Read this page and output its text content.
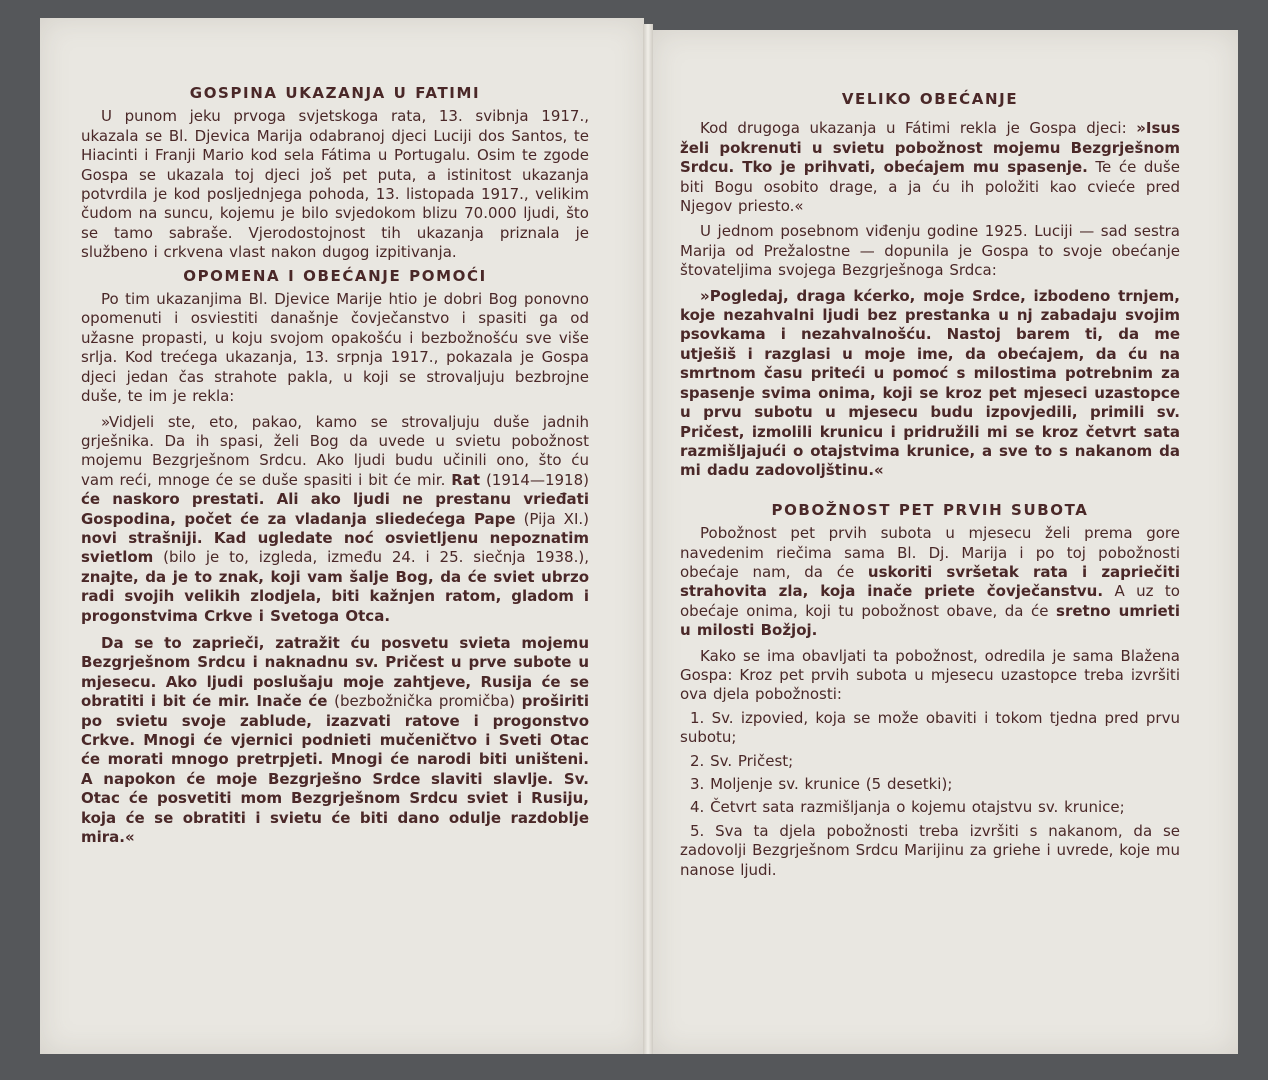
GOSPINA UKAZANJA U FATIMI

U punom jeku prvoga svjetskoga rata, 13. svibnja 1917., ukazala se Bl. Djevica Marija odabranoj djeci Luciji dos Santos, te Hiacinti i Franji Mario kod sela Fátima u Portugalu. Osim te zgode Gospa se ukazala toj djeci još pet puta, a istinitost ukazanja potvrdila je kod posljednjega pohoda, 13. listopada 1917., velikim čudom na suncu, kojemu je bilo svjedokom blizu 70.000 ljudi, što se tamo sabraše. Vjerodostojnost tih ukazanja priznala je službeno i crkvena vlast nakon dugog izpitivanja.

OPOMENA I OBEĆANJE POMOĆI

Po tim ukazanjima Bl. Djevice Marije htio je dobri Bog ponovno opomenuti i osviestiti današnje čovječanstvo i spasiti ga od užasne propasti, u koju svojom opakošću i bezbožnošću sve više srlja. Kod trećega ukazanja, 13. srpnja 1917., pokazala je Gospa djeci jedan čas strahote pakla, u koji se strovaljuju bezbrojne duše, te im je rekla:

»Vidjeli ste, eto, pakao, kamo se strovaljuju duše jadnih grješnika. Da ih spasi, želi Bog da uvede u svietu pobožnost mojemu Bezgrješnom Srdcu. Ako ljudi budu učinili ono, što ću vam reći, mnoge će se duše spasiti i bit će mir. Rat (1914—1918) će naskoro prestati. Ali ako ljudi ne prestanu vrieđati Gospodina, počet će za vladanja sliedećega Pape (Pija XI.) novi strašniji. Kad ugledate noć osvietljenu nepoznatim svietlom (bilo je to, izgleda, između 24. i 25. siečnja 1938.), znajte, da je to znak, koji vam šalje Bog, da će sviet ubrzo radi svojih velikih zlodjela, biti kažnjen ratom, gladom i progonstvima Crkve i Svetoga Otca.

Da se to zaprieči, zatražit ću posvetu svieta mojemu Bezgrješnom Srdcu i naknadnu sv. Pričest u prve subote u mjesecu. Ako ljudi poslušaju moje zahtjeve, Rusija će se obratiti i bit će mir. Inače će (bezbožnička promičba) proširiti po svietu svoje zablude, izazvati ratove i progonstvo Crkve. Mnogi će vjernici podnieti mučeničtvo i Sveti Otac će morati mnogo pretrpjeti. Mnogi će narodi biti uništeni. A napokon će moje Bezgrješno Srdce slaviti slavlje. Sv. Otac će posvetiti mom Bezgrješnom Srdcu sviet i Rusiju, koja će se obratiti i svietu će biti dano odulje razdoblje mira.«

VELIKO OBEĆANJE

Kod drugoga ukazanja u Fátimi rekla je Gospa djeci: »Isus želi pokrenuti u svietu pobožnost mojemu Bezgrješnom Srdcu. Tko je prihvati, obećajem mu spasenje. Te će duše biti Bogu osobito drage, a ja ću ih položiti kao cvieće pred Njegov priesto.«

U jednom posebnom viđenju godine 1925. Luciji — sad sestra Marija od Prežalostne — dopunila je Gospa to svoje obećanje štovateljima svojega Bezgrješnoga Srdca:

»Pogledaj, draga kćerko, moje Srdce, izbodeno trnjem, koje nezahvalni ljudi bez prestanka u nj zabadaju svojim psovkama i nezahvalnošću. Nastoj barem ti, da me utješiš i razglasi u moje ime, da obećajem, da ću na smrtnom času priteći u pomoć s milostima potrebnim za spasenje svima onima, koji se kroz pet mjeseci uzastopce u prvu subotu u mjesecu budu izpovjedili, primili sv. Pričest, izmolili krunicu i pridružili mi se kroz četvrt sata razmišljajući o otajstvima krunice, a sve to s nakanom da mi dadu zadovoljštinu.«

POBOŽNOST PET PRVIH SUBOTA

Pobožnost pet prvih subota u mjesecu želi prema gore navedenim riečima sama Bl. Dj. Marija i po toj pobožnosti obećaje nam, da će uskoriti svršetak rata i zapriečiti strahovita zla, koja inače priete čovječanstvu. A uz to obećaje onima, koji tu pobožnost obave, da će sretno umrieti u milosti Božjoj.

Kako se ima obavljati ta pobožnost, odredila je sama Blažena Gospa: Kroz pet prvih subota u mjesecu uzastopce treba izvršiti ova djela pobožnosti:

1. Sv. izpovied, koja se može obaviti i tokom tjedna pred prvu subotu;

2. Sv. Pričest;

3. Moljenje sv. krunice (5 desetki);

4. Četvrt sata razmišljanja o kojemu otajstvu sv. krunice;

5. Sva ta djela pobožnosti treba izvršiti s nakanom, da se zadovolji Bezgrješnom Srdcu Marijinu za griehe i uvrede, koje mu nanose ljudi.
